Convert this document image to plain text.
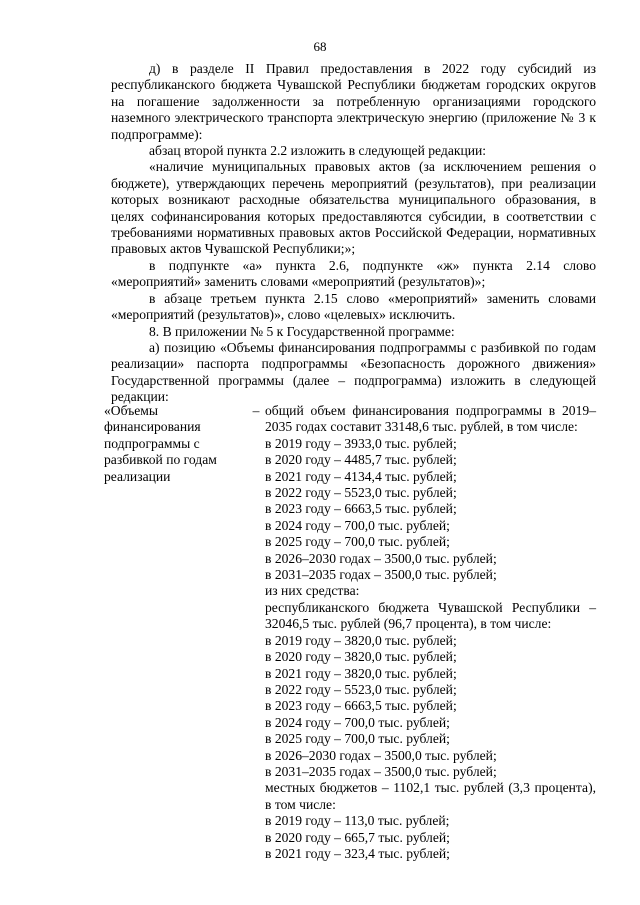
68

д) в разделе II Правил предоставления в 2022 году субсидий из республиканского бюджета Чувашской Республики бюджетам городских округов на погашение задолженности за потребленную организациями городского наземного электрического транспорта электрическую энергию (приложение № 3 к подпрограмме):

абзац второй пункта 2.2 изложить в следующей редакции:

«наличие муниципальных правовых актов (за исключением решения о бюджете), утверждающих перечень мероприятий (результатов), при реализации которых возникают расходные обязательства муниципального образования, в целях софинансирования которых предоставляются субсидии, в соответствии с требованиями нормативных правовых актов Российской Федерации, нормативных правовых актов Чувашской Республики;»;

в подпункте «а» пункта 2.6, подпункте «ж» пункта 2.14 слово «мероприятий» заменить словами «мероприятий (результатов)»;

в абзаце третьем пункта 2.15 слово «мероприятий» заменить словами «мероприятий (результатов)», слово «целевых» исключить.

8. В приложении № 5 к Государственной программе:

а) позицию «Объемы финансирования подпрограммы с разбивкой по годам реализации» паспорта подпрограммы «Безопасность дорожного движения» Государственной программы (далее – подпрограмма) изложить в следующей редакции:

«Объемы финансирования подпрограммы с разбивкой по годам реализации
– общий объем финансирования подпрограммы в 2019–2035 годах составит 33148,6 тыс. рублей, в том числе:
в 2019 году – 3933,0 тыс. рублей;
в 2020 году – 4485,7 тыс. рублей;
в 2021 году – 4134,4 тыс. рублей;
в 2022 году – 5523,0 тыс. рублей;
в 2023 году – 6663,5 тыс. рублей;
в 2024 году – 700,0 тыс. рублей;
в 2025 году – 700,0 тыс. рублей;
в 2026–2030 годах – 3500,0 тыс. рублей;
в 2031–2035 годах – 3500,0 тыс. рублей;
из них средства:
республиканского бюджета Чувашской Республики – 32046,5 тыс. рублей (96,7 процента), в том числе:
в 2019 году – 3820,0 тыс. рублей;
в 2020 году – 3820,0 тыс. рублей;
в 2021 году – 3820,0 тыс. рублей;
в 2022 году – 5523,0 тыс. рублей;
в 2023 году – 6663,5 тыс. рублей;
в 2024 году – 700,0 тыс. рублей;
в 2025 году – 700,0 тыс. рублей;
в 2026–2030 годах – 3500,0 тыс. рублей;
в 2031–2035 годах – 3500,0 тыс. рублей;
местных бюджетов – 1102,1 тыс. рублей (3,3 процента), в том числе:
в 2019 году – 113,0 тыс. рублей;
в 2020 году – 665,7 тыс. рублей;
в 2021 году – 323,4 тыс. рублей;
